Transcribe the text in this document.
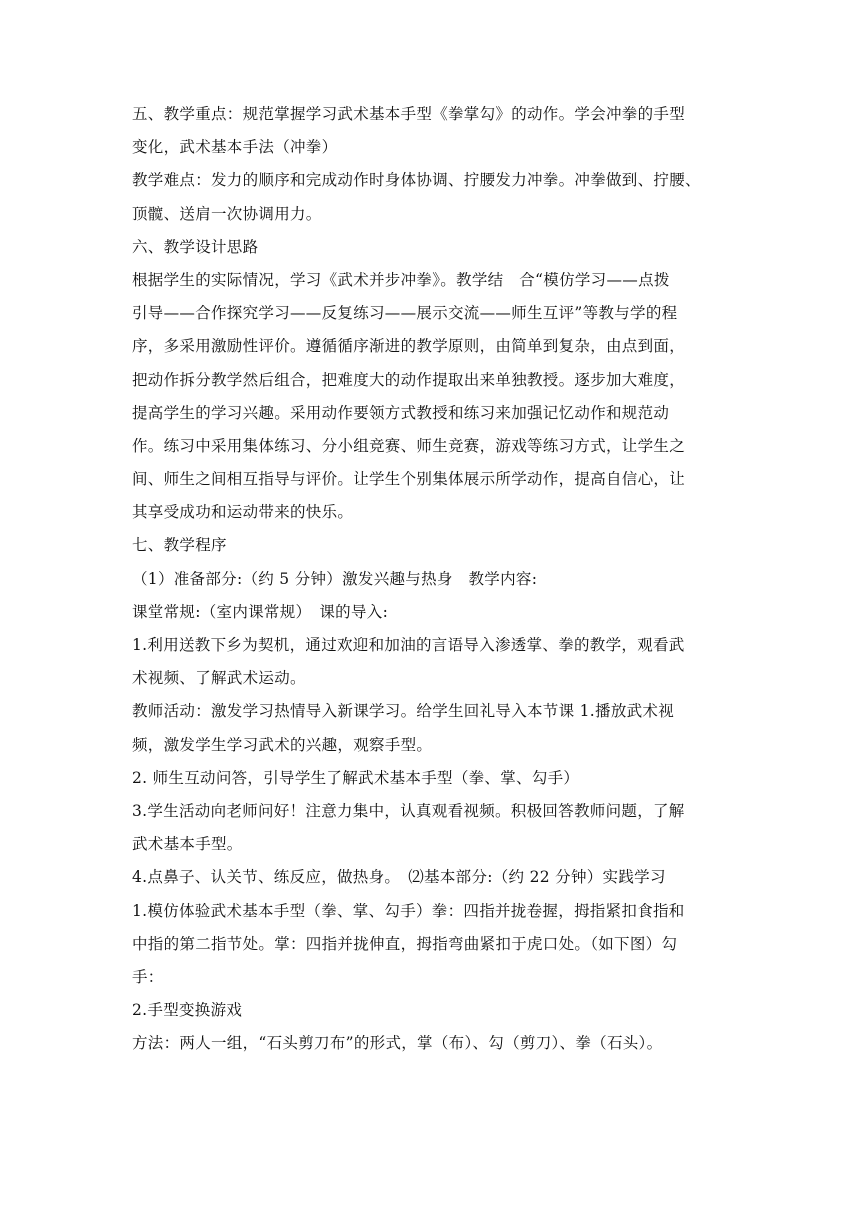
五、教学重点：规范掌握学习武术基本手型《拳掌勾》的动作。学会冲拳的手型
变化，武术基本手法（冲拳）
教学难点：发力的顺序和完成动作时身体协调、拧腰发力冲拳。冲拳做到、拧腰、
顶髋、送肩一次协调用力。
六、教学设计思路
根据学生的实际情况，学习《武术并步冲拳》。教学结　合“模仿学习——点拨
引导——合作探究学习——反复练习——展示交流——师生互评”等教与学的程
序，多采用激励性评价。遵循循序渐进的教学原则，由简单到复杂，由点到面，
把动作拆分教学然后组合，把难度大的动作提取出来单独教授。逐步加大难度，
提高学生的学习兴趣。采用动作要领方式教授和练习来加强记忆动作和规范动
作。练习中采用集体练习、分小组竞赛、师生竞赛，游戏等练习方式，让学生之
间、师生之间相互指导与评价。让学生个别集体展示所学动作，提高自信心，让
其享受成功和运动带来的快乐。
七、教学程序
（1）准备部分:（约 5 分钟）激发兴趣与热身　教学内容:
课堂常规:（室内课常规）　课的导入:
1.利用送教下乡为契机，通过欢迎和加油的言语导入渗透掌、拳的教学，观看武
术视频、了解武术运动。
教师活动：激发学习热情导入新课学习。给学生回礼导入本节课 1.播放武术视
频，激发学生学习武术的兴趣，观察手型。
2. 师生互动问答，引导学生了解武术基本手型（拳、掌、勾手）
3.学生活动向老师问好！注意力集中，认真观看视频。积极回答教师问题，了解
武术基本手型。
4.点鼻子、认关节、练反应，做热身。　⑵基本部分:（约 22 分钟）实践学习
1.模仿体验武术基本手型（拳、掌、勾手）拳：四指并拢卷握，拇指紧扣食指和
中指的第二指节处。掌：四指并拢伸直，拇指弯曲紧扣于虎口处。（如下图）勾
手：
2.手型变换游戏
方法：两人一组，“石头剪刀布”的形式，掌（布）、勾（剪刀）、拳（石头）。
